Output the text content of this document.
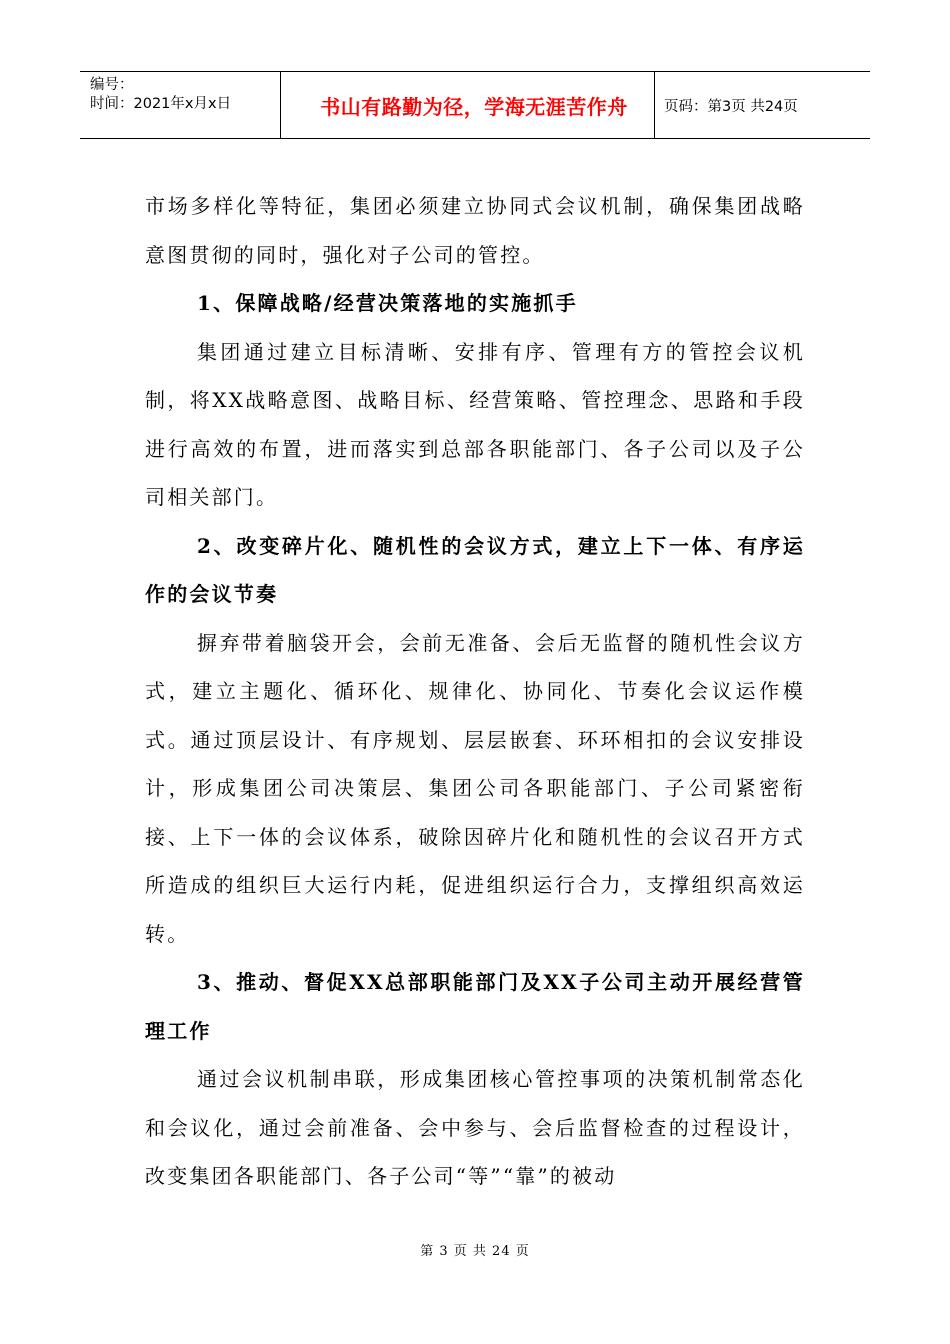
编号：
时间：2021年x月x日	书山有路勤为径，学海无涯苦作舟	页码：第3页 共24页

市场多样化等特征，集团必须建立协同式会议机制，确保集团战略意图贯彻的同时，强化对子公司的管控。

1、保障战略/经营决策落地的实施抓手

集团通过建立目标清晰、安排有序、管理有方的管控会议机制，将XX战略意图、战略目标、经营策略、管控理念、思路和手段进行高效的布置，进而落实到总部各职能部门、各子公司以及子公司相关部门。

2、改变碎片化、随机性的会议方式，建立上下一体、有序运作的会议节奏

摒弃带着脑袋开会，会前无准备、会后无监督的随机性会议方式，建立主题化、循环化、规律化、协同化、节奏化会议运作模式。通过顶层设计、有序规划、层层嵌套、环环相扣的会议安排设计，形成集团公司决策层、集团公司各职能部门、子公司紧密衔接、上下一体的会议体系，破除因碎片化和随机性的会议召开方式所造成的组织巨大运行内耗，促进组织运行合力，支撑组织高效运转。

3、推动、督促XX总部职能部门及XX子公司主动开展经营管理工作

通过会议机制串联，形成集团核心管控事项的决策机制常态化和会议化，通过会前准备、会中参与、会后监督检查的过程设计，改变集团各职能部门、各子公司“等”“靠”的被动

第 3 页 共 24 页
